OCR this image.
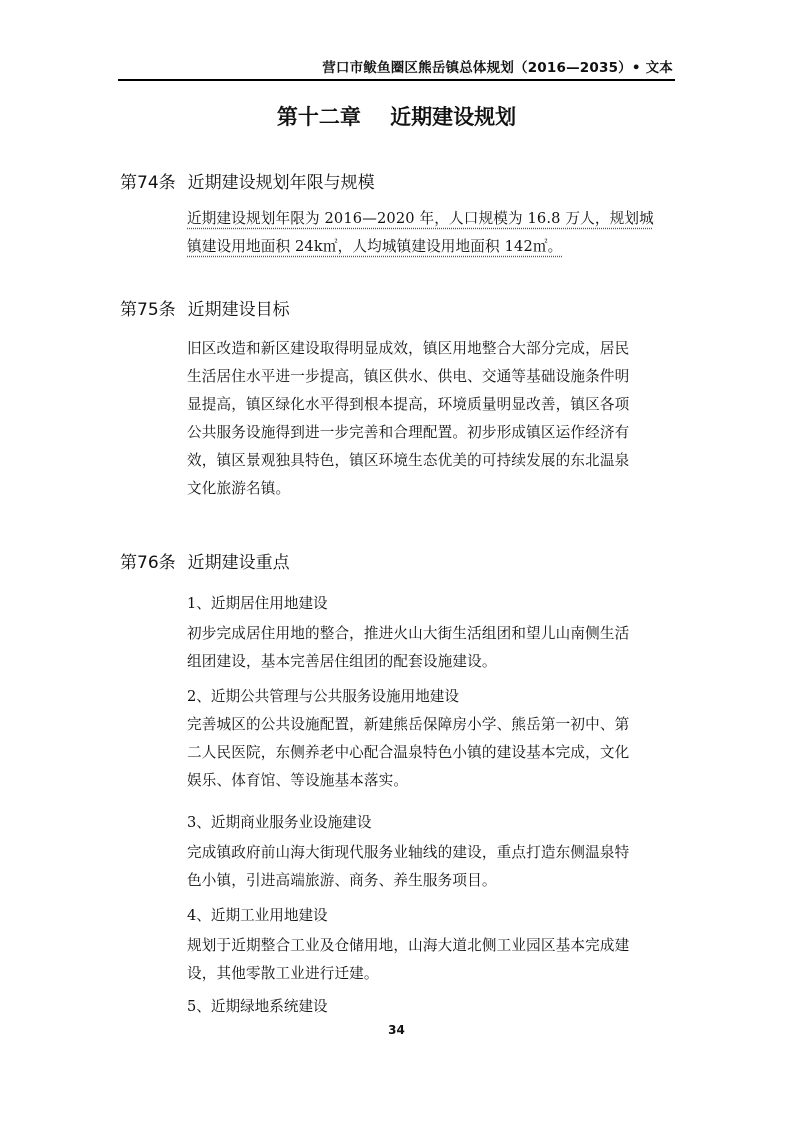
营口市鲅鱼圈区熊岳镇总体规划（2016—2035）• 文本
第十二章    近期建设规划
第74条 近期建设规划年限与规模
近期建设规划年限为 2016—2020 年，人口规模为 16.8 万人，规划城
镇建设用地面积 24k㎡，人均城镇建设用地面积 142㎡。
第75条 近期建设目标
旧区改造和新区建设取得明显成效，镇区用地整合大部分完成，居民
生活居住水平进一步提高，镇区供水、供电、交通等基础设施条件明
显提高，镇区绿化水平得到根本提高，环境质量明显改善，镇区各项
公共服务设施得到进一步完善和合理配置。初步形成镇区运作经济有
效，镇区景观独具特色，镇区环境生态优美的可持续发展的东北温泉
文化旅游名镇。
第76条 近期建设重点
1、近期居住用地建设
初步完成居住用地的整合，推进火山大街生活组团和望儿山南侧生活
组团建设，基本完善居住组团的配套设施建设。
2、近期公共管理与公共服务设施用地建设
完善城区的公共设施配置，新建熊岳保障房小学、熊岳第一初中、第
二人民医院，东侧养老中心配合温泉特色小镇的建设基本完成，文化
娱乐、体育馆、等设施基本落实。
3、近期商业服务业设施建设
完成镇政府前山海大街现代服务业轴线的建设，重点打造东侧温泉特
色小镇，引进高端旅游、商务、养生服务项目。
4、近期工业用地建设
规划于近期整合工业及仓储用地，山海大道北侧工业园区基本完成建
设，其他零散工业进行迁建。
5、近期绿地系统建设
34
